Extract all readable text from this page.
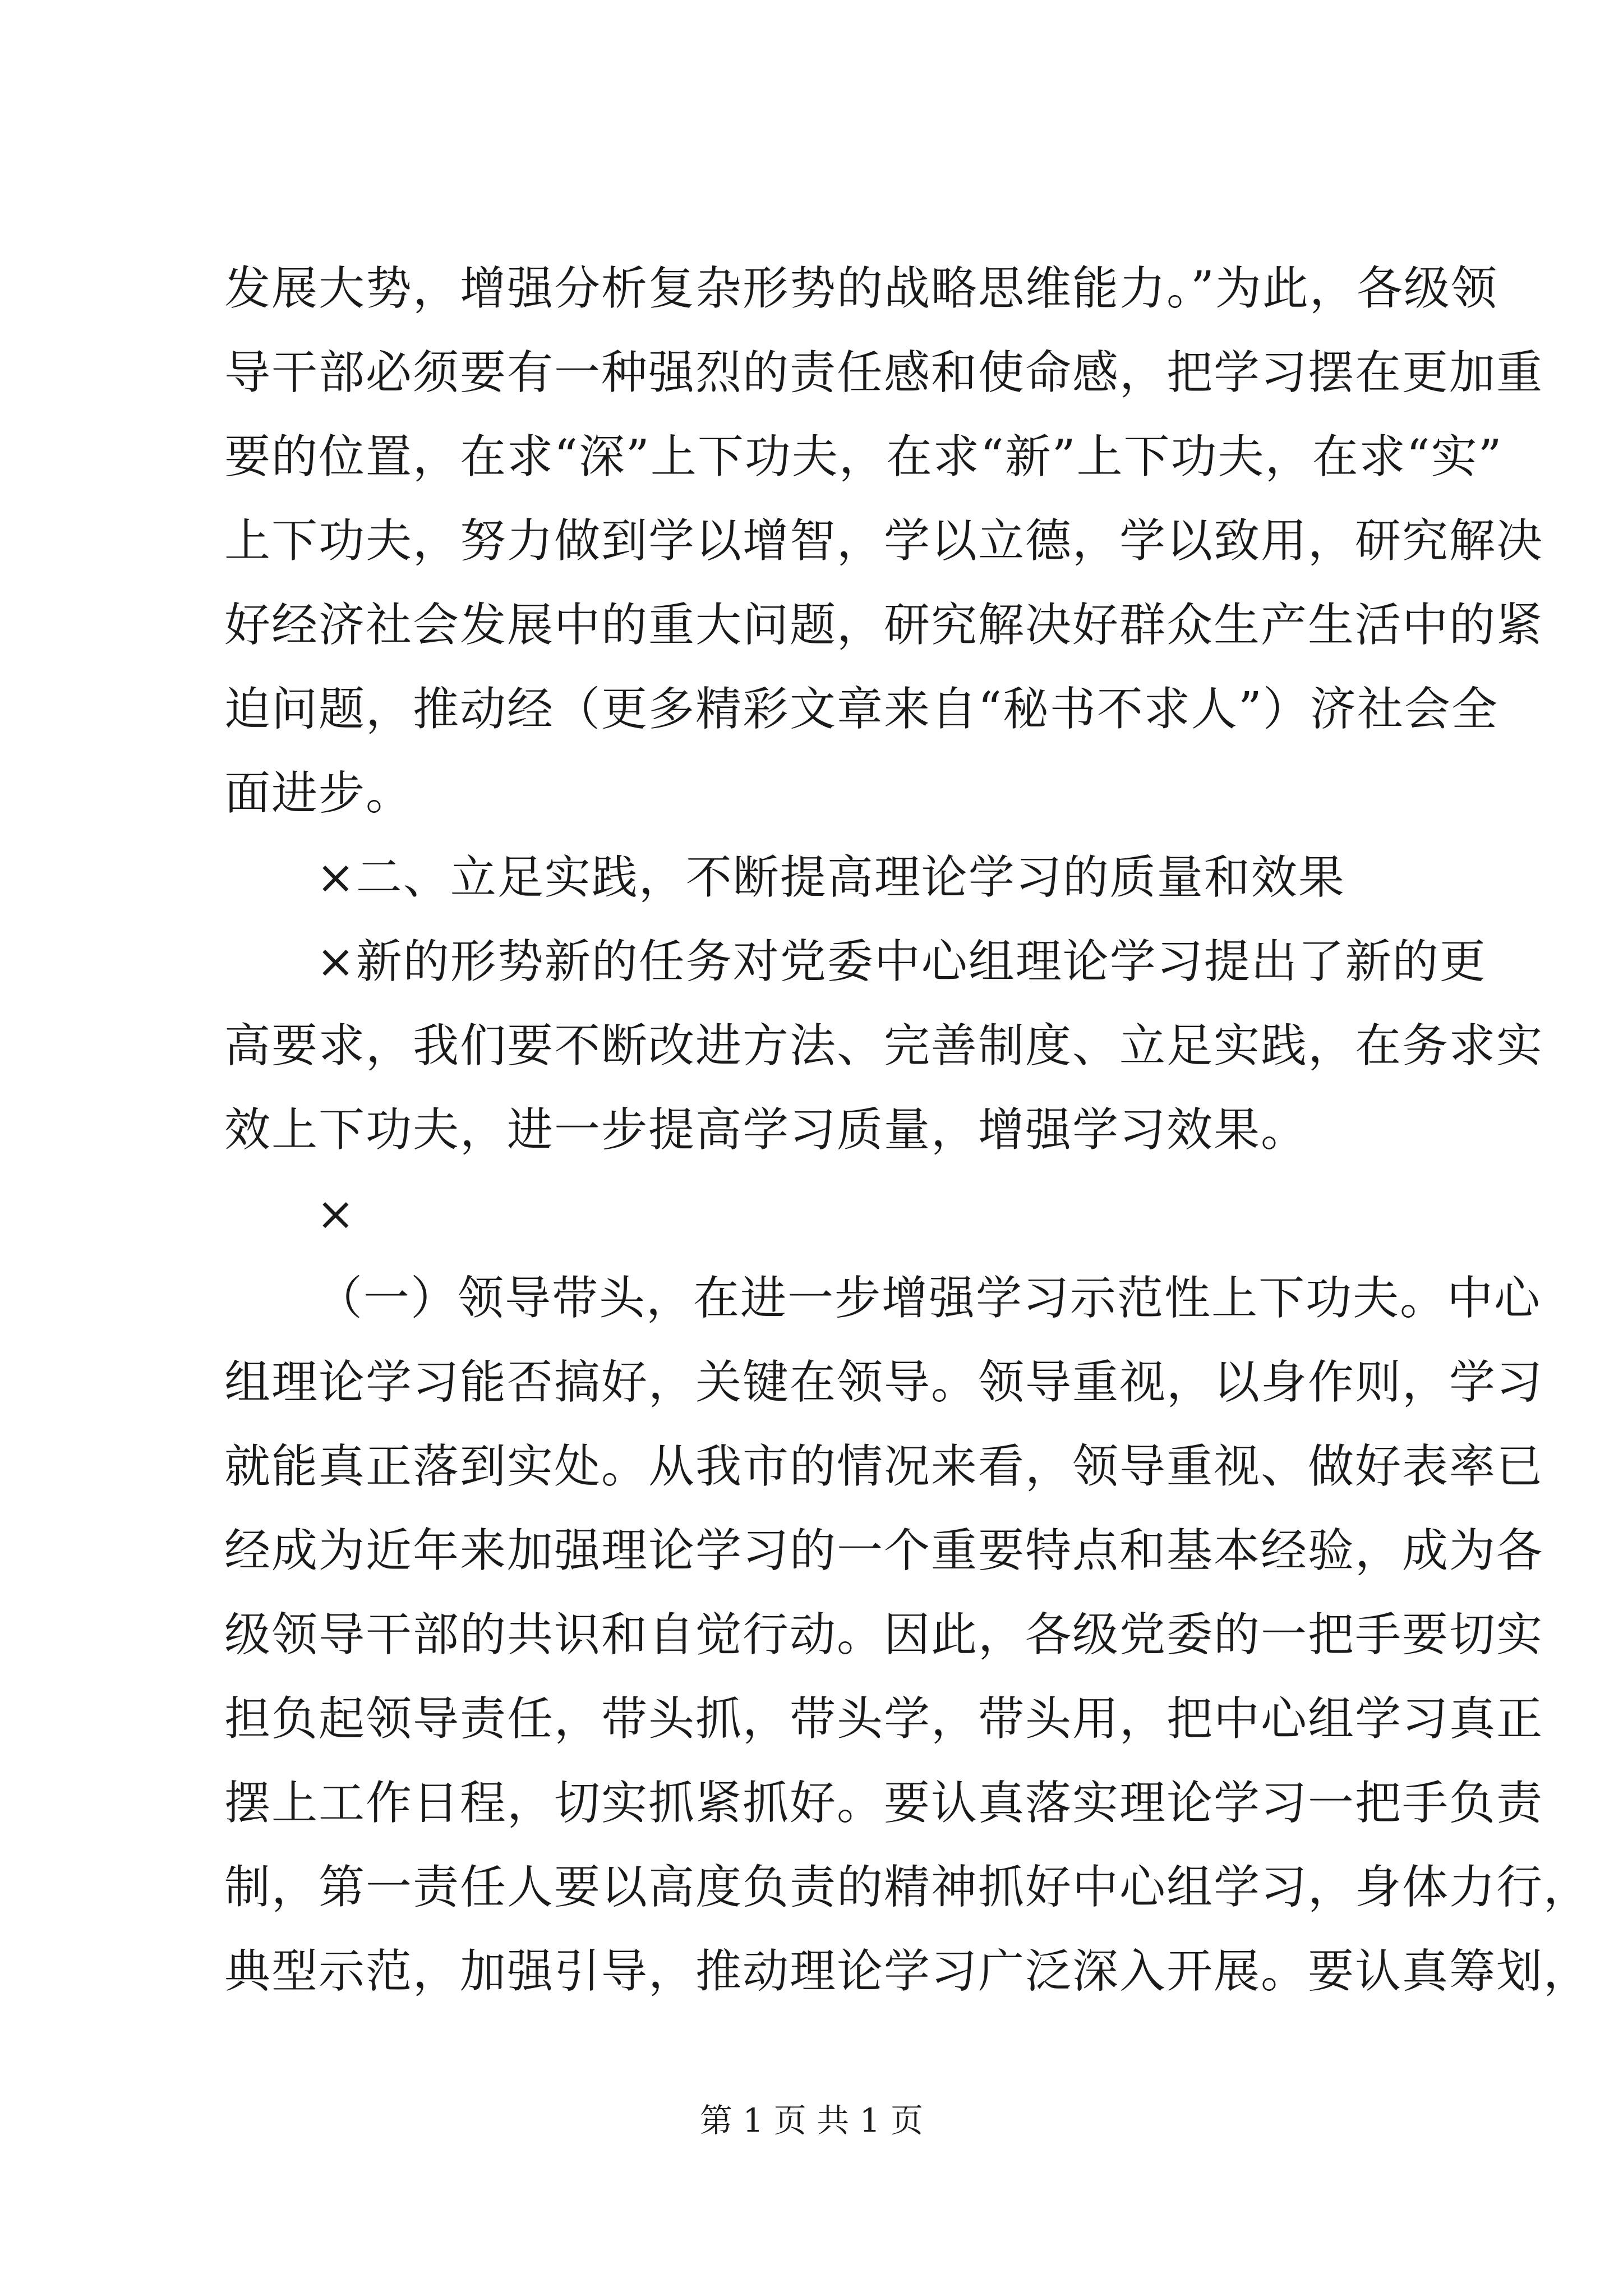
发展大势，增强分析复杂形势的战略思维能力。”为此，各级领
导干部必须要有一种强烈的责任感和使命感，把学习摆在更加重
要的位置，在求“深”上下功夫，在求“新”上下功夫，在求“实”
上下功夫，努力做到学以增智，学以立德，学以致用，研究解决
好经济社会发展中的重大问题，研究解决好群众生产生活中的紧
迫问题，推动经（更多精彩文章来自“秘书不求人”）济社会全
面进步。
×二、立足实践，不断提高理论学习的质量和效果
×新的形势新的任务对党委中心组理论学习提出了新的更
高要求，我们要不断改进方法、完善制度、立足实践，在务求实
效上下功夫，进一步提高学习质量，增强学习效果。
×
（一）领导带头，在进一步增强学习示范性上下功夫。中心
组理论学习能否搞好，关键在领导。领导重视，以身作则，学习
就能真正落到实处。从我市的情况来看，领导重视、做好表率已
经成为近年来加强理论学习的一个重要特点和基本经验，成为各
级领导干部的共识和自觉行动。因此，各级党委的一把手要切实
担负起领导责任，带头抓，带头学，带头用，把中心组学习真正
摆上工作日程，切实抓紧抓好。要认真落实理论学习一把手负责
制，第一责任人要以高度负责的精神抓好中心组学习，身体力行，
典型示范，加强引导，推动理论学习广泛深入开展。要认真筹划，
第 1 页 共 1 页
